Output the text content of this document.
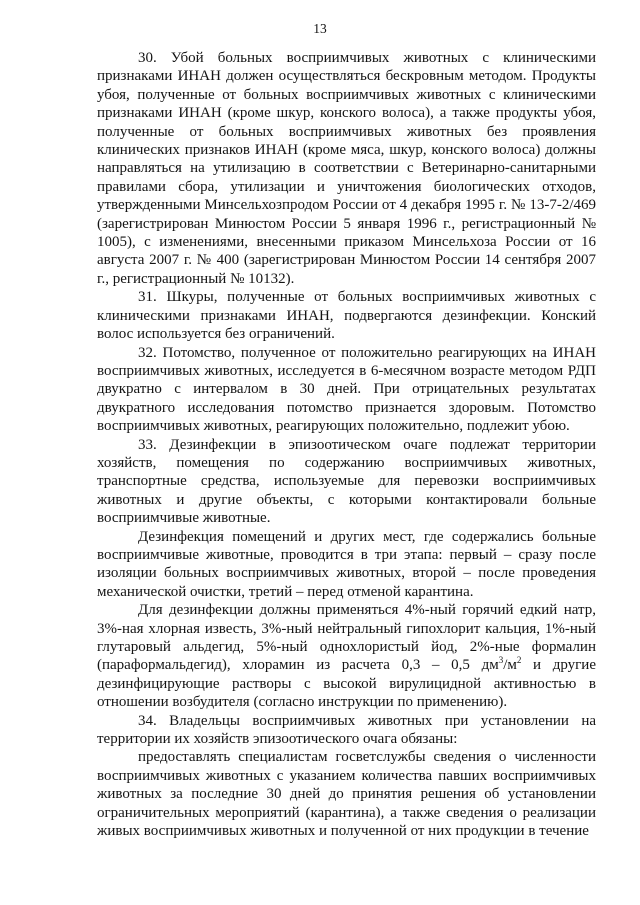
13

30. Убой больных восприимчивых животных с клиническими признаками ИНАН должен осуществляться бескровным методом. Продукты убоя, полученные от больных восприимчивых животных с клиническими признаками ИНАН (кроме шкур, конского волоса), а также продукты убоя, полученные от больных восприимчивых животных без проявления клинических признаков ИНАН (кроме мяса, шкур, конского волоса) должны направляться на утилизацию в соответствии с Ветеринарно-санитарными правилами сбора, утилизации и уничтожения биологических отходов, утвержденными Минсельхозпродом России от 4 декабря 1995 г. № 13-7-2/469 (зарегистрирован Минюстом России 5 января 1996 г., регистрационный № 1005), с изменениями, внесенными приказом Минсельхоза России от 16 августа 2007 г. № 400 (зарегистрирован Минюстом России 14 сентября 2007 г., регистрационный № 10132).

31. Шкуры, полученные от больных восприимчивых животных с клиническими признаками ИНАН, подвергаются дезинфекции. Конский волос используется без ограничений.

32. Потомство, полученное от положительно реагирующих на ИНАН восприимчивых животных, исследуется в 6-месячном возрасте методом РДП двукратно с интервалом в 30 дней. При отрицательных результатах двукратного исследования потомство признается здоровым. Потомство восприимчивых животных, реагирующих положительно, подлежит убою.

33. Дезинфекции в эпизоотическом очаге подлежат территории хозяйств, помещения по содержанию восприимчивых животных, транспортные средства, используемые для перевозки восприимчивых животных и другие объекты, с которыми контактировали больные восприимчивые животные.

Дезинфекция помещений и других мест, где содержались больные восприимчивые животные, проводится в три этапа: первый – сразу после изоляции больных восприимчивых животных, второй – после проведения механической очистки, третий – перед отменой карантина.

Для дезинфекции должны применяться 4%-ный горячий едкий натр, 3%-ная хлорная известь, 3%-ный нейтральный гипохлорит кальция, 1%-ный глутаровый альдегид, 5%-ный однохлористый йод, 2%-ные формалин (параформальдегид), хлорамин из расчета 0,3 – 0,5 $дм^3/м^2$ и другие дезинфицирующие растворы с высокой вирулицидной активностью в отношении возбудителя (согласно инструкции по применению).

34. Владельцы восприимчивых животных при установлении на территории их хозяйств эпизоотического очага обязаны:

предоставлять специалистам госветслужбы сведения о численности восприимчивых животных с указанием количества павших восприимчивых животных за последние 30 дней до принятия решения об установлении ограничительных мероприятий (карантина), а также сведения о реализации живых восприимчивых животных и полученной от них продукции в течение
